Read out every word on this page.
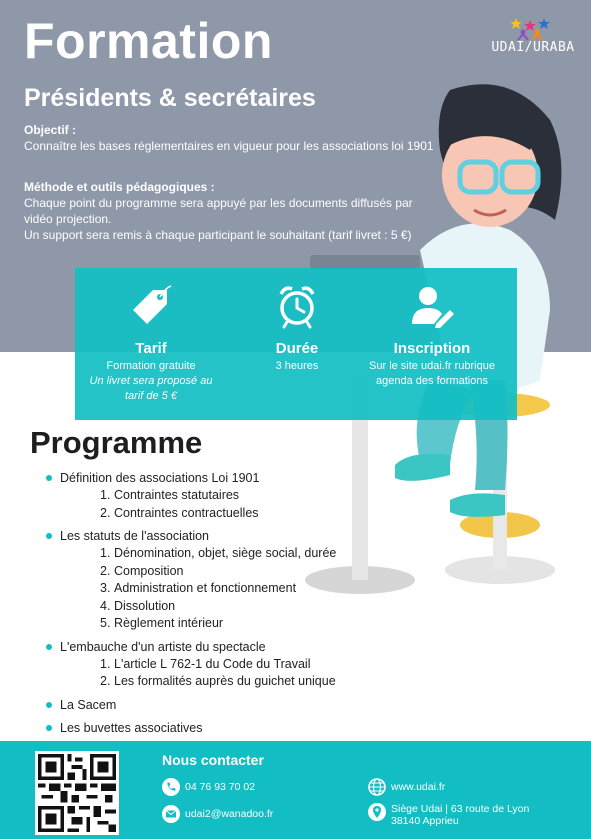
Formation
Présidents & secrétaires
UDAI/URABA
Objectif :
Connaître les bases réglementaires en vigueur pour les associations loi 1901
Méthode et outils pédagogiques :
Chaque point du programme sera appuyé par les documents diffusés par vidéo projection.
Un support sera remis à chaque participant le souhaitant (tarif livret : 5 €)
Tarif
Formation gratuite
Un livret sera proposé au tarif de 5 €
Durée
3 heures
Inscription
Sur le site udai.fr rubrique agenda des formations
Programme
Définition des associations Loi 1901
1. Contraintes statutaires
2. Contraintes contractuelles
Les statuts de l'association
1. Dénomination, objet, siège social, durée
2. Composition
3. Administration et fonctionnement
4. Dissolution
5. Règlement intérieur
L'embauche d'un artiste du spectacle
1. L'article L 762-1 du Code du Travail
2. Les formalités auprès du guichet unique
La Sacem
Les buvettes associatives
Nous contacter
04 76 93 70 02
udai2@wanadoo.fr
www.udai.fr
Siège Udai | 63 route de Lyon 38140 Apprieu
